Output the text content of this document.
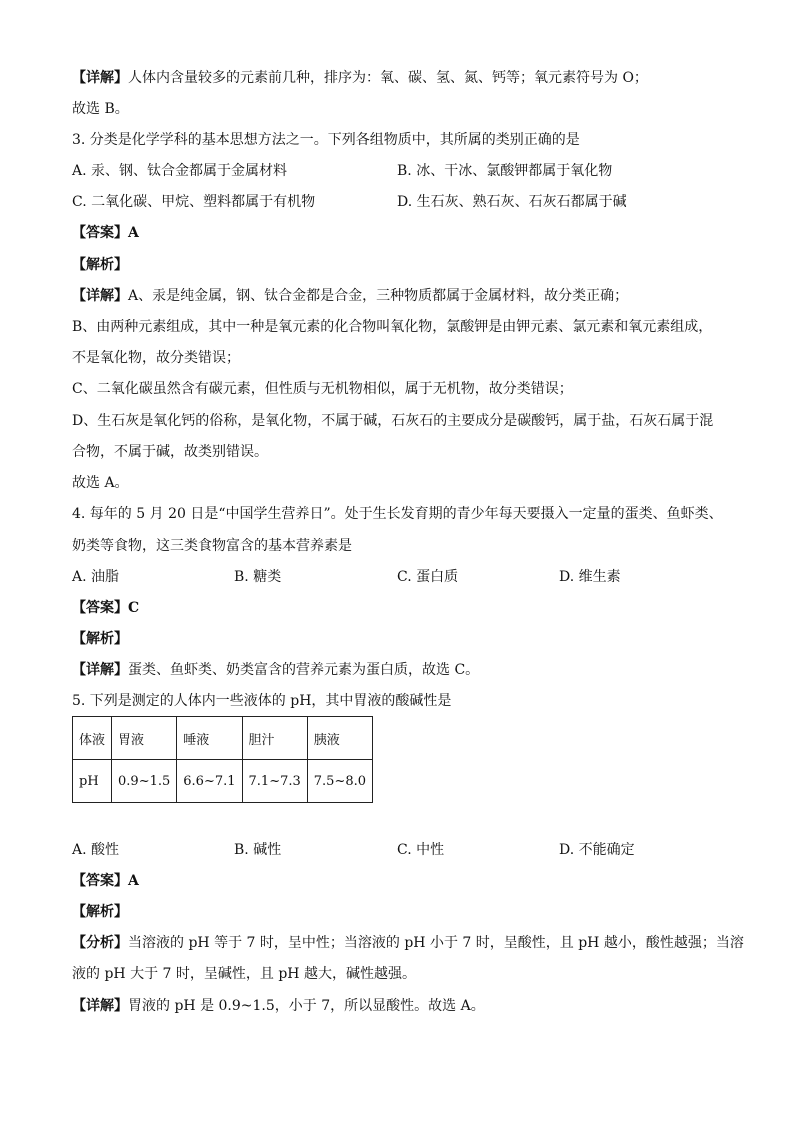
【详解】人体内含量较多的元素前几种，排序为：氧、碳、氢、氮、钙等；氧元素符号为 O；
故选 B。
3. 分类是化学学科的基本思想方法之一。下列各组物质中，其所属的类别正确的是
A. 汞、钢、钛合金都属于金属材料	B. 冰、干冰、氯酸钾都属于氧化物
C. 二氧化碳、甲烷、塑料都属于有机物	D. 生石灰、熟石灰、石灰石都属于碱
【答案】A
【解析】
【详解】A、汞是纯金属，钢、钛合金都是合金，三种物质都属于金属材料，故分类正确；
B、由两种元素组成，其中一种是氧元素的化合物叫氧化物，氯酸钾是由钾元素、氯元素和氧元素组成，
不是氧化物，故分类错误；
C、二氧化碳虽然含有碳元素，但性质与无机物相似，属于无机物，故分类错误；
D、生石灰是氧化钙的俗称，是氧化物，不属于碱，石灰石的主要成分是碳酸钙，属于盐，石灰石属于混
合物，不属于碱，故类别错误。
故选 A。
4. 每年的 5 月 20 日是“中国学生营养日”。处于生长发育期的青少年每天要摄入一定量的蛋类、鱼虾类、
奶类等食物，这三类食物富含的基本营养素是
A. 油脂	B. 糖类	C. 蛋白质	D. 维生素
【答案】C
【解析】
【详解】蛋类、鱼虾类、奶类富含的营养元素为蛋白质，故选 C。
5. 下列是测定的人体内一些液体的 pH，其中胃液的酸碱性是
体液	胃液	唾液	胆汁	胰液
pH	0.9~1.5	6.6~7.1	7.1~7.3	7.5~8.0
A. 酸性	B. 碱性	C. 中性	D. 不能确定
【答案】A
【解析】
【分析】当溶液的 pH 等于 7 时，呈中性；当溶液的 pH 小于 7 时，呈酸性，且 pH 越小，酸性越强；当溶
液的 pH 大于 7 时，呈碱性，且 pH 越大，碱性越强。
【详解】胃液的 pH 是 0.9~1.5，小于 7，所以显酸性。故选 A。
